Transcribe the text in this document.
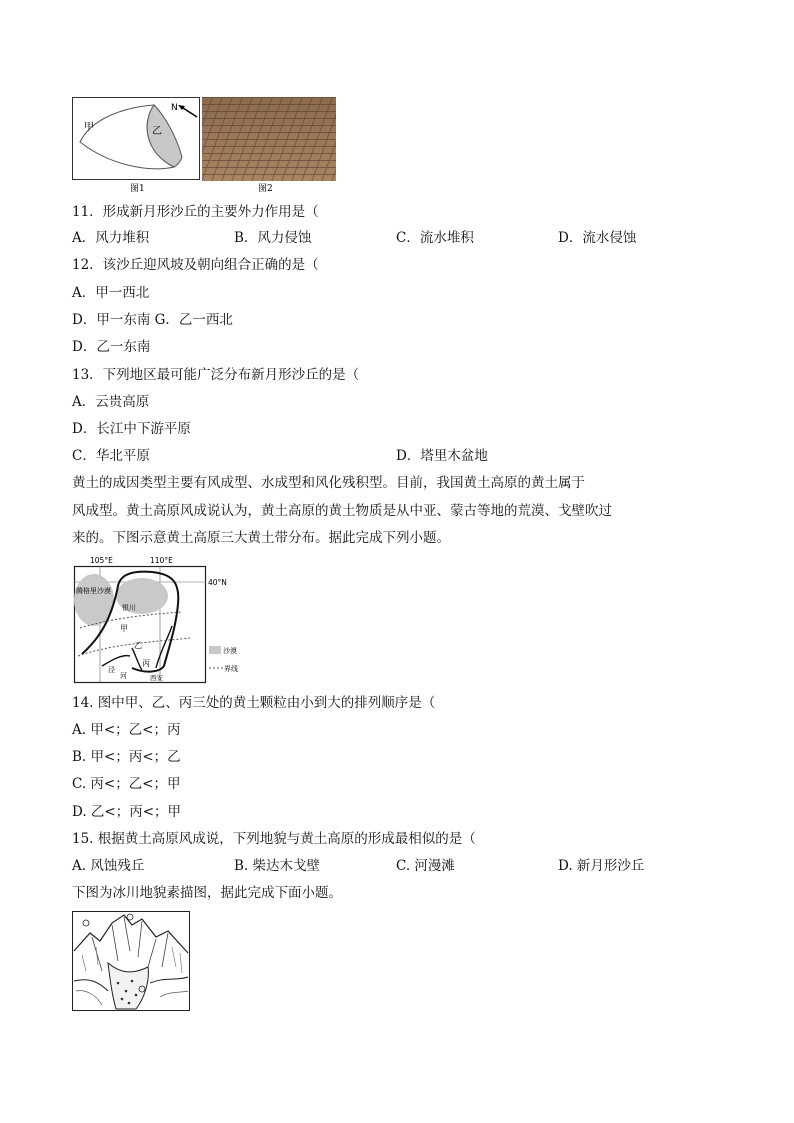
甲	乙
N
图1	图2
11．形成新月形沙丘的主要外力作用是（
A．风力堆积	B．风力侵蚀	C．流水堆积	D．流水侵蚀
12．该沙丘迎风坡及朝向组合正确的是（
A．甲一西北
D．甲一东南 G．乙一西北
D．乙一东南
13．下列地区最可能广泛分布新月形沙丘的是（
A．云贵高原
D．长江中下游平原
C．华北平原	D．塔里木盆地
黄土的成因类型主要有风成型、水成型和风化残积型。目前，我国黄土高原的黄土属于
风成型。黄土高原风成说认为，黄土高原的黄土物质是从中亚、蒙古等地的荒漠、戈壁吹过
来的。下图示意黄土高原三大黄土带分布。据此完成下列小题。
105°E	110°E
40°N
腾格里沙漠
银川
甲
乙
丙
泾
河	西安
沙漠
界线
14. 图中甲、乙、丙三处的黄土颗粒由小到大的排列顺序是（
A. 甲<；乙<；丙
B. 甲<；丙<；乙
C. 丙<；乙<；甲
D. 乙<；丙<；甲
15. 根据黄土高原风成说，下列地貌与黄土高原的形成最相似的是（
A. 风蚀残丘	B. 柴达木戈壁	C. 河漫滩	D. 新月形沙丘
下图为冰川地貌素描图，据此完成下面小题。
